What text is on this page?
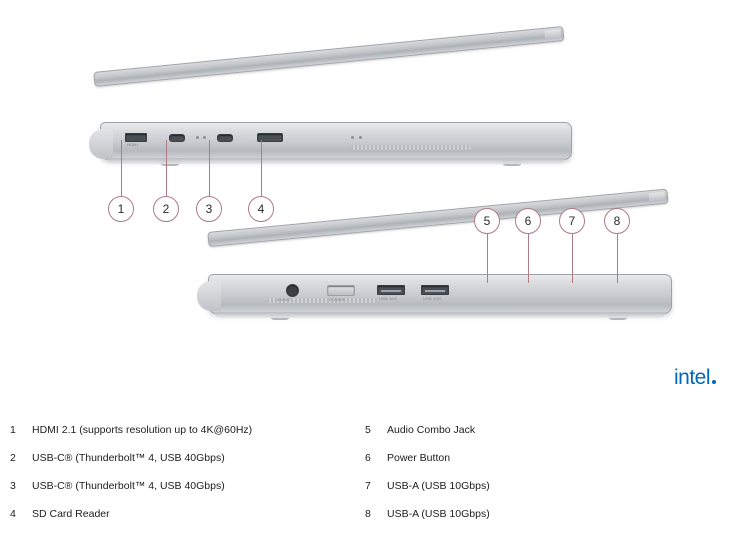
HDMI
AUDIO	POWER	USB 10G	USB 10G
1	2	3	4
5	6	7	8
intel
1	HDMI 2.1 (supports resolution up to 4K@60Hz)
2	USB-C® (Thunderbolt™ 4, USB 40Gbps)
3	USB-C® (Thunderbolt™ 4, USB 40Gbps)
4	SD Card Reader
5	Audio Combo Jack
6	Power Button
7	USB-A (USB 10Gbps)
8	USB-A (USB 10Gbps)
